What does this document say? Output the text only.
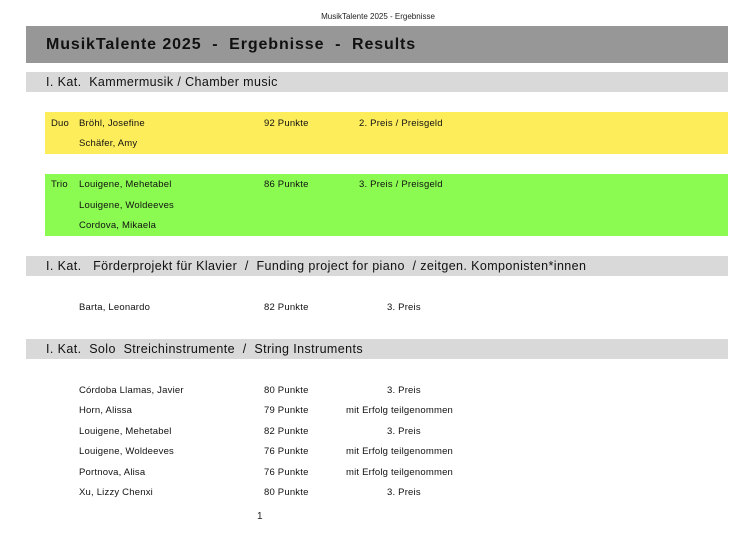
MusikTalente 2025 - Ergebnisse
MusikTalente 2025  -  Ergebnisse  -  Results
I. Kat.  Kammermusik / Chamber music
Duo Bröhl, Josefine	92 Punkte	2. Preis / Preisgeld
Schäfer, Amy
Trio Louigene, Mehetabel	86 Punkte	3. Preis / Preisgeld
Louigene, Woldeeves
Cordova, Mikaela
I. Kat.   Förderprojekt für Klavier  /  Funding project for piano  / zeitgen. Komponisten*innen
Barta, Leonardo	82 Punkte	3. Preis
I. Kat.  Solo  Streichinstrumente  /  String Instruments
Córdoba Llamas, Javier	80 Punkte	3. Preis
Horn, Alissa	79 Punkte	mit Erfolg teilgenommen
Louigene, Mehetabel	82 Punkte	3. Preis
Louigene, Woldeeves	76 Punkte	mit Erfolg teilgenommen
Portnova, Alisa	76 Punkte	mit Erfolg teilgenommen
Xu, Lizzy Chenxi	80 Punkte	3. Preis
1
